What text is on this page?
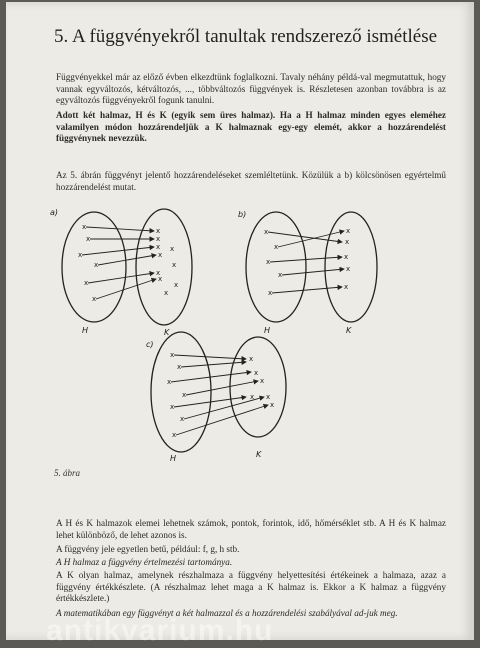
5. A függvényekről tanultak rendszerező ismétlése
Függvényekkel már az előző évben elkezdtünk foglalkozni. Tavaly néhány példá-val megmutattuk, hogy vannak egyváltozós, kétváltozós, ..., többváltozós függvények is. Részletesen azonban továbbra is az egyváltozós függvényekről fogunk tanulni.
Adott két halmaz, H és K (egyik sem üres halmaz). Ha a H halmaz minden egyes eleméhez valamilyen módon hozzárendeljük a K halmaznak egy-egy elemét, akkor a hozzárendelést függvénynek nevezzük.
Az 5. ábrán függvényt jelentő hozzárendeléseket szemléltetünk. Közülük a b) kölcsönösen egyértelmű hozzárendelést mutat.
x
x
x
x
x
x
x
x
x
x
x
x
x
x
x
x
x
x
x
x
x
x
x
x
x
x
x
x
x
x
x
x
x
x
x
x
x x
x
a)	b)
c)
H	K	H	K
H	K
5. ábra
A H és K halmazok elemei lehetnek számok, pontok, forintok, idő, hőmérséklet stb. A H és K halmaz lehet különböző, de lehet azonos is.
A függvény jele egyetlen betű, például: f, g, h stb.
A H halmaz a függvény értelmezési tartománya.
A K olyan halmaz, amelynek részhalmaza a függvény helyettesítési értékeinek a halmaza, azaz a függvény értékkészlete. (A részhalmaz lehet maga a K halmaz is. Ekkor a K halmaz a függvény értékkészlete.)
A matematikában egy függvényt a két halmazzal és a hozzárendelési szabályával ad-juk meg.
antikvarium.hu
